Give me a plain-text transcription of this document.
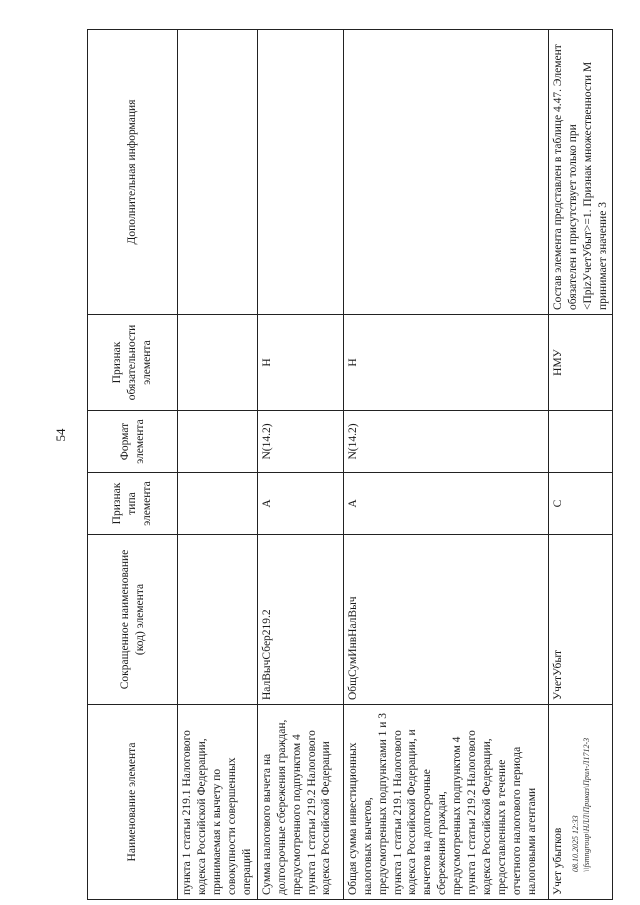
54
08.10.2025 12:33 \\fsmngroup\HЛЛ\Приказ\Прил-Л1712-3
Наименование элемента	Сокращенное наименование (код) элемента	Признак типа элемента	Формат элемента	Признак обязательности элемента	Дополнительная информация
пункта 1 статьи 219.1 Налогового кодекса Российской Федерации, принимаемая к вычету по совокупности совершенных операций					
Сумма налогового вычета на долгосрочные сбережения граждан, предусмотренного подпунктом 4 пункта 1 статьи 219.2 Налогового кодекса Российской Федерации	НалВычСбер219.2	А	N(14.2)	Н	
Общая сумма инвестиционных налоговых вычетов, предусмотренных подпунктами 1 и 3 пункта 1 статьи 219.1 Налогового кодекса Российской Федерации, и вычетов на долгосрочные сбережения граждан, предусмотренных подпунктом 4 пункта 1 статьи 219.2 Налогового кодекса Российской Федерации, предоставленных в течение отчетного налогового периода налоговыми агентами	ОбщСумИнвНалВыч	А	N(14.2)	Н	
Учет убытков	УчетУбыт	С		НМУ	Состав элемента представлен в таблице 4.47. Элемент обязателен и присутствует только при <ПрizУчетУбыт>=1. Признак множественности М принимает значение 3
